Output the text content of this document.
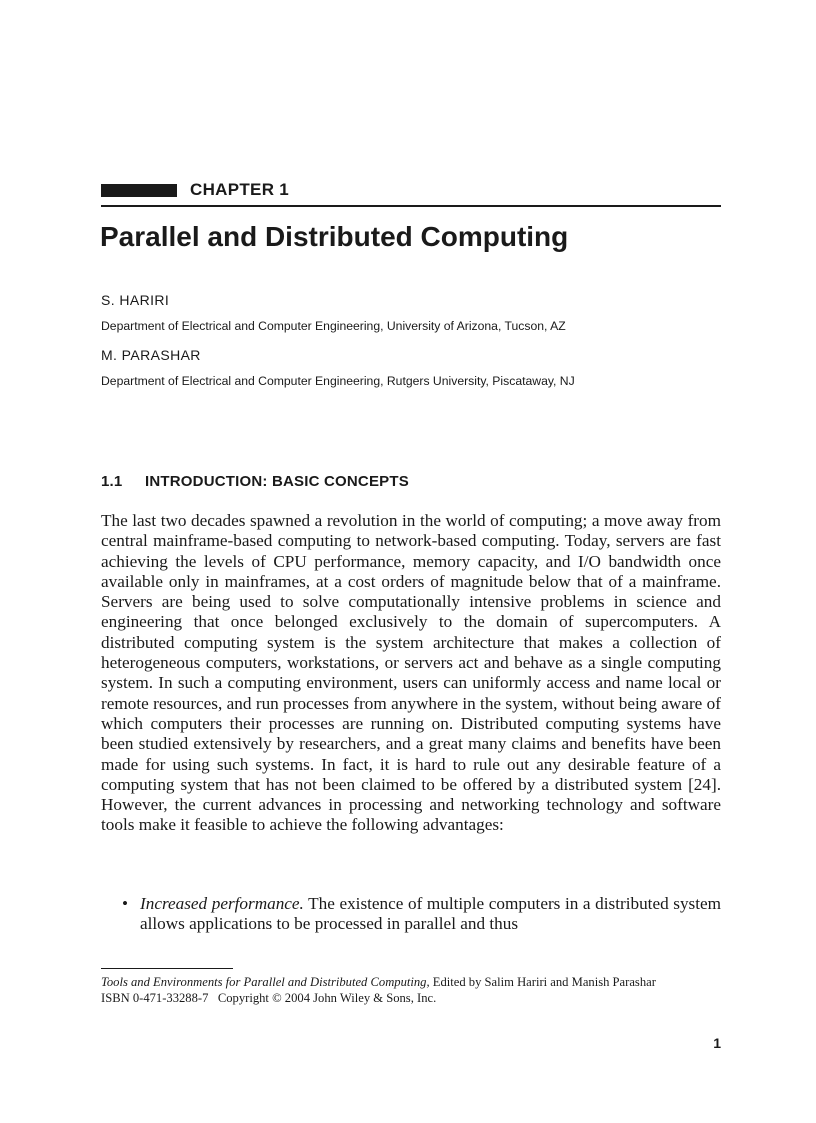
CHAPTER 1
Parallel and Distributed Computing
S. HARIRI
Department of Electrical and Computer Engineering, University of Arizona, Tucson, AZ
M. PARASHAR
Department of Electrical and Computer Engineering, Rutgers University, Piscataway, NJ
1.1 INTRODUCTION: BASIC CONCEPTS

The last two decades spawned a revolution in the world of computing; a move away from central mainframe-based computing to network-based computing. Today, servers are fast achieving the levels of CPU performance, memory capacity, and I/O bandwidth once available only in mainframes, at a cost orders of magnitude below that of a mainframe. Servers are being used to solve computationally intensive problems in science and engineering that once belonged exclusively to the domain of supercomputers. A distributed computing system is the system architecture that makes a collection of heterogeneous computers, workstations, or servers act and behave as a single computing system. In such a computing environment, users can uniformly access and name local or remote resources, and run processes from anywhere in the system, without being aware of which computers their processes are running on. Distributed computing systems have been studied extensively by researchers, and a great many claims and benefits have been made for using such systems. In fact, it is hard to rule out any desirable feature of a computing system that has not been claimed to be offered by a distributed system [24]. However, the current advances in processing and networking technology and software tools make it feasible to achieve the following advantages:

• Increased performance. The existence of multiple computers in a distributed system allows applications to be processed in parallel and thus

Tools and Environments for Parallel and Distributed Computing, Edited by Salim Hariri and Manish Parashar
ISBN 0-471-33288-7 Copyright © 2004 John Wiley & Sons, Inc.

1
